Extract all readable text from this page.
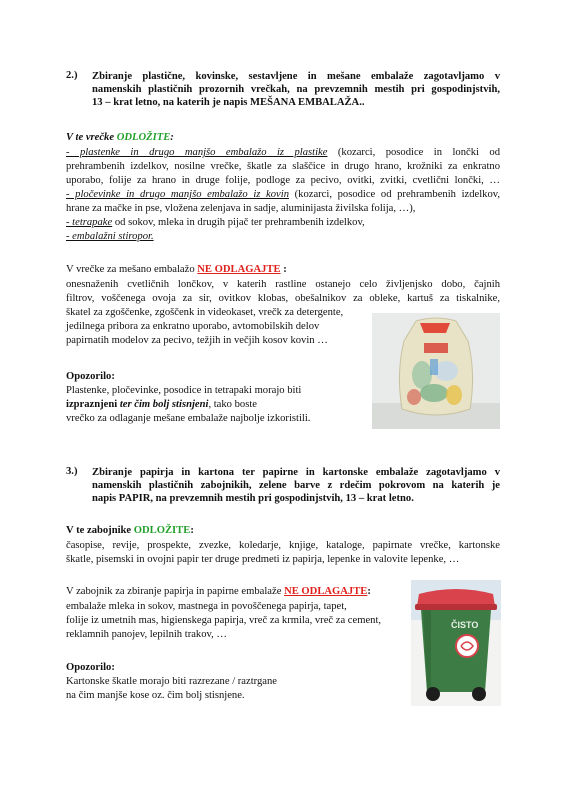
2.) Zbiranje plastične, kovinske, sestavljene in mešane embalaže zagotavljamo v
namenskih plastičnih prozornih vrečkah, na prevzemnih mestih pri gospodinjstvih,
13 – krat letno, na katerih je napis MEŠANA EMBALAŽA..
V te vrečke ODLOŽITE:
- plastenke in drugo manjšo embalažo iz plastike (kozarci, posodice in lončki od
prehrambenih izdelkov, nosilne vrečke, škatle za slaščice in drugo hrano, krožniki za enkratno
uporabo, folije za hrano in druge folije, podloge za pecivo, ovitki, zvitki, cvetlični lončki, …
- pločevinke in drugo manjšo embalažo iz kovin (kozarci, posodice od prehrambenih izdelkov,
hrane za mačke in pse, vložena zelenjava in sadje, aluminijasta živilska folija, …),
- tetrapake od sokov, mleka in drugih pijač ter prehrambenih izdelkov,
- embalažni stiropor.
V vrečke za mešano embalažo NE ODLAGAJTE :
onesnaženih cvetličnih lončkov, v katerih rastline ostanejo celo življenjsko dobo, čajnih
filtrov, voščenega ovoja za sir, ovitkov klobas, obešalnikov za obleke, kartuš za tiskalnike,
škatel za zgoščenke, zgoščenk in videokaset, vrečk za detergente,
jedilnega pribora za enkratno uporabo, avtomobilskih delov
papirnatih modelov za pecivo, težjih in večjih kosov kovin …
Opozorilo:
Plastenke, pločevinke, posodice in tetrapaki morajo biti
izpraznjeni ter čim bolj stisnjeni, tako boste
vrečko za odlaganje mešane embalaže najbolje izkoristili.
3.) Zbiranje papirja in kartona ter papirne in kartonske embalaže zagotavljamo v
namenskih plastičnih zabojnikih, zelene barve z rdečim pokrovom na katerih je
napis PAPIR, na prevzemnih mestih pri gospodinjstvih, 13 – krat letno.
V te zabojnike ODLOŽITE:
časopise, revije, prospekte, zvezke, koledarje, knjige, kataloge, papirnate vrečke, kartonske
škatle, pisemski in ovojni papir ter druge predmeti iz papirja, lepenke in valovite lepenke, …
V zabojnik za zbiranje papirja in papirne embalaže NE ODLAGAJTE:
embalaže mleka in sokov, mastnega in povoščenega papirja, tapet,
folije iz umetnih mas, higienskega papirja, vreč za krmila, vreč za cement,
reklamnih panojev, lepilnih trakov, …
Opozorilo:
Kartonske škatle morajo biti razrezane / raztrgane
na čim manjše kose oz. čim bolj stisnjene.
ČISTO
